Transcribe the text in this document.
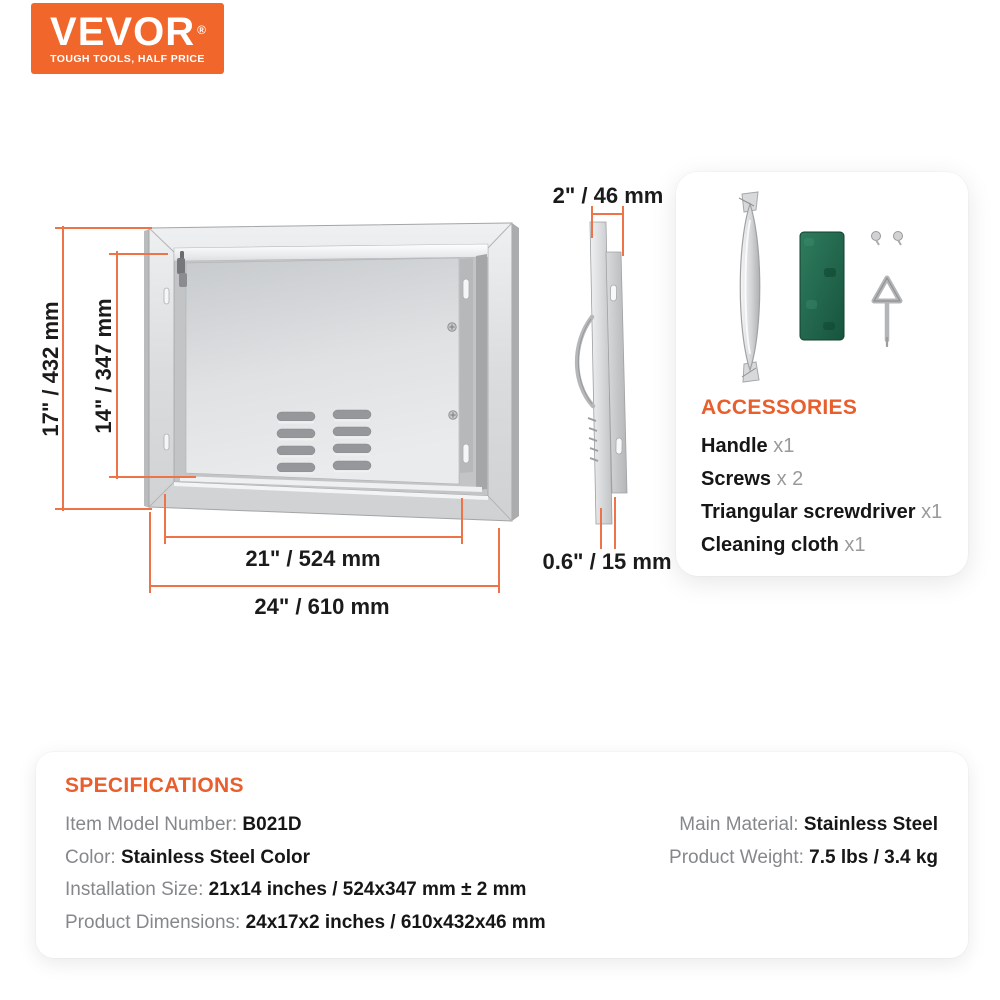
VEVOR ®
TOUGH TOOLS, HALF PRICE
17" / 432 mm 14" / 347 mm
21" / 524 mm
24" / 610 mm
2" / 46 mm
0.6" / 15 mm
ACCESSORIES
Handle x1
Screws x 2
Triangular screwdriver x1
Cleaning cloth x1
SPECIFICATIONS
Item Model Number: B021D
Color: Stainless Steel Color
Installation Size: 21x14 inches / 524x347 mm ± 2 mm
Product Dimensions: 24x17x2 inches / 610x432x46 mm
Main Material: Stainless Steel
Product Weight: 7.5 lbs / 3.4 kg
